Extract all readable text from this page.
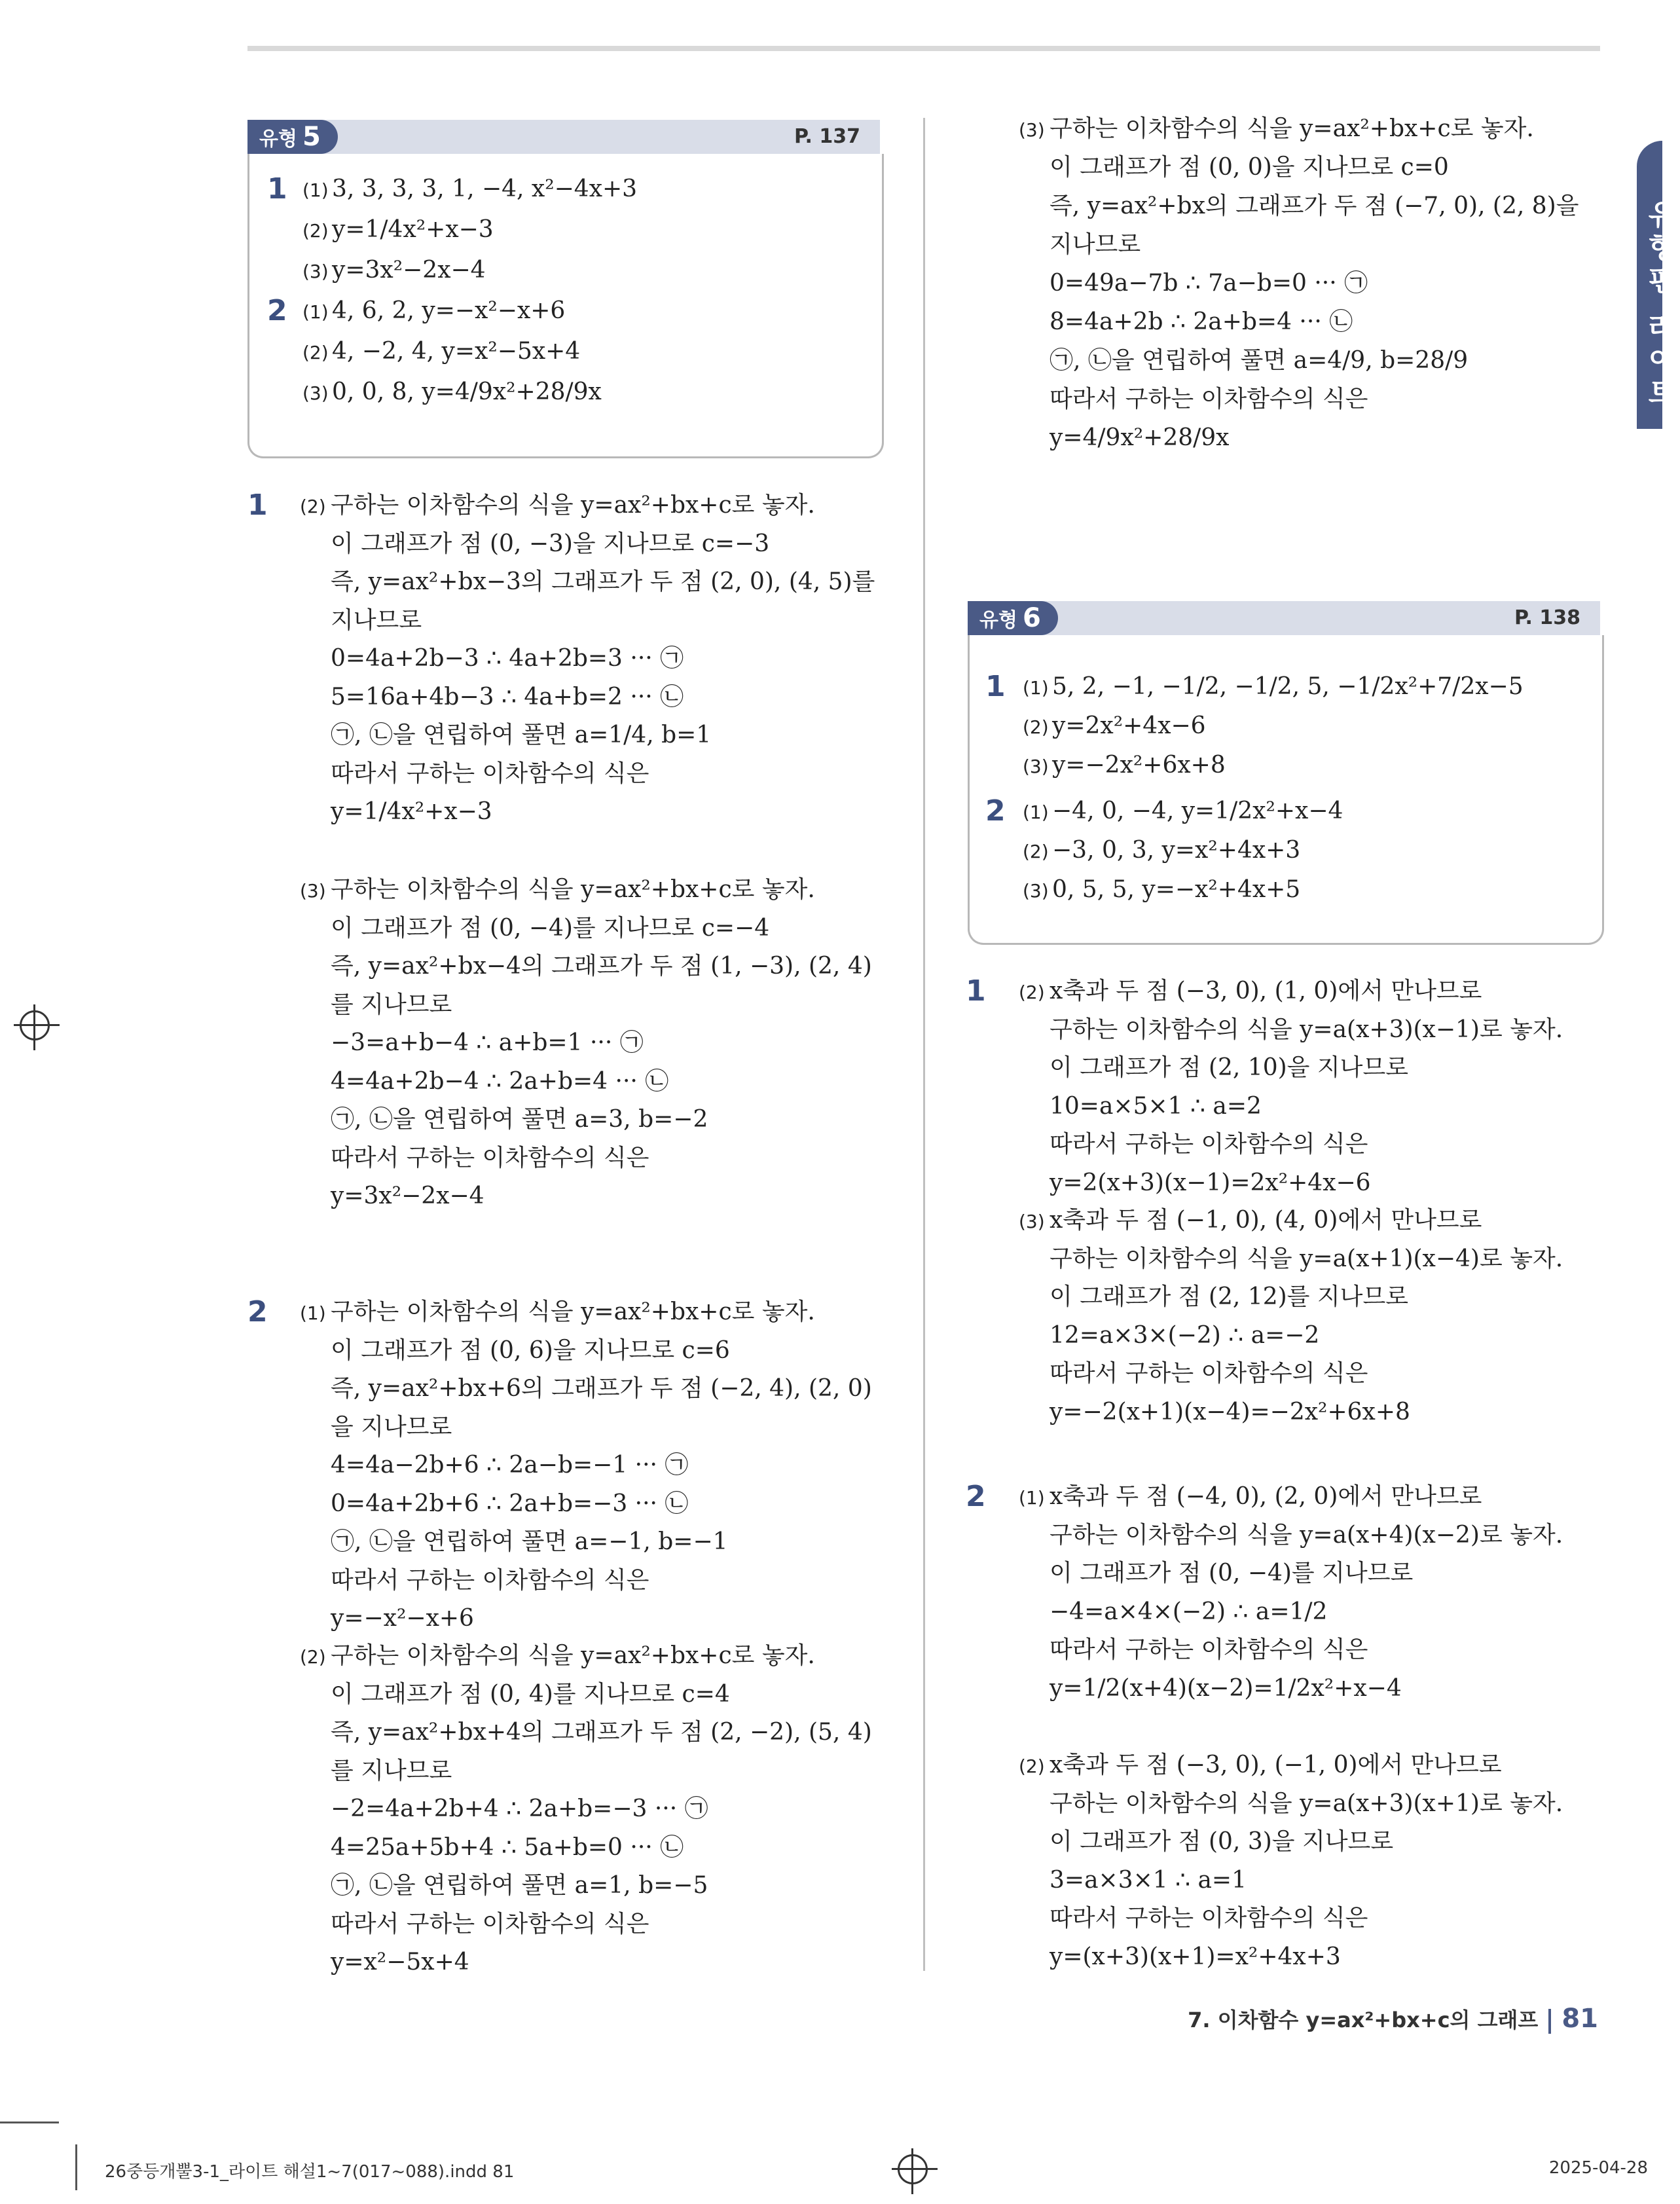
유형편 라이트
유형 5	P. 137
1 (1) 3, 3, 3, 3, 1, −4, x²−4x+3
(2) y=1/4x²+x−3
(3) y=3x²−2x−4
2 (1) 4, 6, 2, y=−x²−x+6
(2) 4, −2, 4, y=x²−5x+4
(3) 0, 0, 8, y=4/9x²+28/9x
유형 6	P. 138
1 (1) 5, 2, −1, −1/2, −1/2, 5, −1/2x²+7/2x−5
(2) y=2x²+4x−6
(3) y=−2x²+6x+8
2 (1) −4, 0, −4, y=1/2x²+x−4
(2) −3, 0, 3, y=x²+4x+3
(3) 0, 5, 5, y=−x²+4x+5
1 (2) 구하는 이차함수의 식을 y=ax²+bx+c로 놓자.
이 그래프가 점 (0, −3)을 지나므로 c=−3
즉, y=ax²+bx−3의 그래프가 두 점 (2, 0), (4, 5)를
지나므로
0=4a+2b−3 ∴ 4a+2b=3 ··· ㉠
5=16a+4b−3 ∴ 4a+b=2 ··· ㉡
㉠, ㉡을 연립하여 풀면 a=1/4, b=1
따라서 구하는 이차함수의 식은
y=1/4x²+x−3
(3) 구하는 이차함수의 식을 y=ax²+bx+c로 놓자.
이 그래프가 점 (0, −4)를 지나므로 c=−4
즉, y=ax²+bx−4의 그래프가 두 점 (1, −3), (2, 4)
를 지나므로
−3=a+b−4 ∴ a+b=1 ··· ㉠
4=4a+2b−4 ∴ 2a+b=4 ··· ㉡
㉠, ㉡을 연립하여 풀면 a=3, b=−2
따라서 구하는 이차함수의 식은
y=3x²−2x−4
2 (1) 구하는 이차함수의 식을 y=ax²+bx+c로 놓자.
이 그래프가 점 (0, 6)을 지나므로 c=6
즉, y=ax²+bx+6의 그래프가 두 점 (−2, 4), (2, 0)
을 지나므로
4=4a−2b+6 ∴ 2a−b=−1 ··· ㉠
0=4a+2b+6 ∴ 2a+b=−3 ··· ㉡
㉠, ㉡을 연립하여 풀면 a=−1, b=−1
따라서 구하는 이차함수의 식은
y=−x²−x+6
(2) 구하는 이차함수의 식을 y=ax²+bx+c로 놓자.
이 그래프가 점 (0, 4)를 지나므로 c=4
즉, y=ax²+bx+4의 그래프가 두 점 (2, −2), (5, 4)
를 지나므로
−2=4a+2b+4 ∴ 2a+b=−3 ··· ㉠
4=25a+5b+4 ∴ 5a+b=0 ··· ㉡
㉠, ㉡을 연립하여 풀면 a=1, b=−5
따라서 구하는 이차함수의 식은
y=x²−5x+4
(3) 구하는 이차함수의 식을 y=ax²+bx+c로 놓자.
이 그래프가 점 (0, 0)을 지나므로 c=0
즉, y=ax²+bx의 그래프가 두 점 (−7, 0), (2, 8)을
지나므로
0=49a−7b ∴ 7a−b=0 ··· ㉠
8=4a+2b ∴ 2a+b=4 ··· ㉡
㉠, ㉡을 연립하여 풀면 a=4/9, b=28/9
따라서 구하는 이차함수의 식은
y=4/9x²+28/9x
1 (2) x축과 두 점 (−3, 0), (1, 0)에서 만나므로
구하는 이차함수의 식을 y=a(x+3)(x−1)로 놓자.
이 그래프가 점 (2, 10)을 지나므로
10=a×5×1 ∴ a=2
따라서 구하는 이차함수의 식은
y=2(x+3)(x−1)=2x²+4x−6
(3) x축과 두 점 (−1, 0), (4, 0)에서 만나므로
구하는 이차함수의 식을 y=a(x+1)(x−4)로 놓자.
이 그래프가 점 (2, 12)를 지나므로
12=a×3×(−2) ∴ a=−2
따라서 구하는 이차함수의 식은
y=−2(x+1)(x−4)=−2x²+6x+8
2 (1) x축과 두 점 (−4, 0), (2, 0)에서 만나므로
구하는 이차함수의 식을 y=a(x+4)(x−2)로 놓자.
이 그래프가 점 (0, −4)를 지나므로
−4=a×4×(−2) ∴ a=1/2
따라서 구하는 이차함수의 식은
y=1/2(x+4)(x−2)=1/2x²+x−4
(2) x축과 두 점 (−3, 0), (−1, 0)에서 만나므로
구하는 이차함수의 식을 y=a(x+3)(x+1)로 놓자.
이 그래프가 점 (0, 3)을 지나므로
3=a×3×1 ∴ a=1
따라서 구하는 이차함수의 식은
y=(x+3)(x+1)=x²+4x+3
7. 이차함수 y=ax²+bx+c의 그래프 81
26중등개뿔3-1_라이트 해설1~7(017~088).indd 81	2025-04-28
